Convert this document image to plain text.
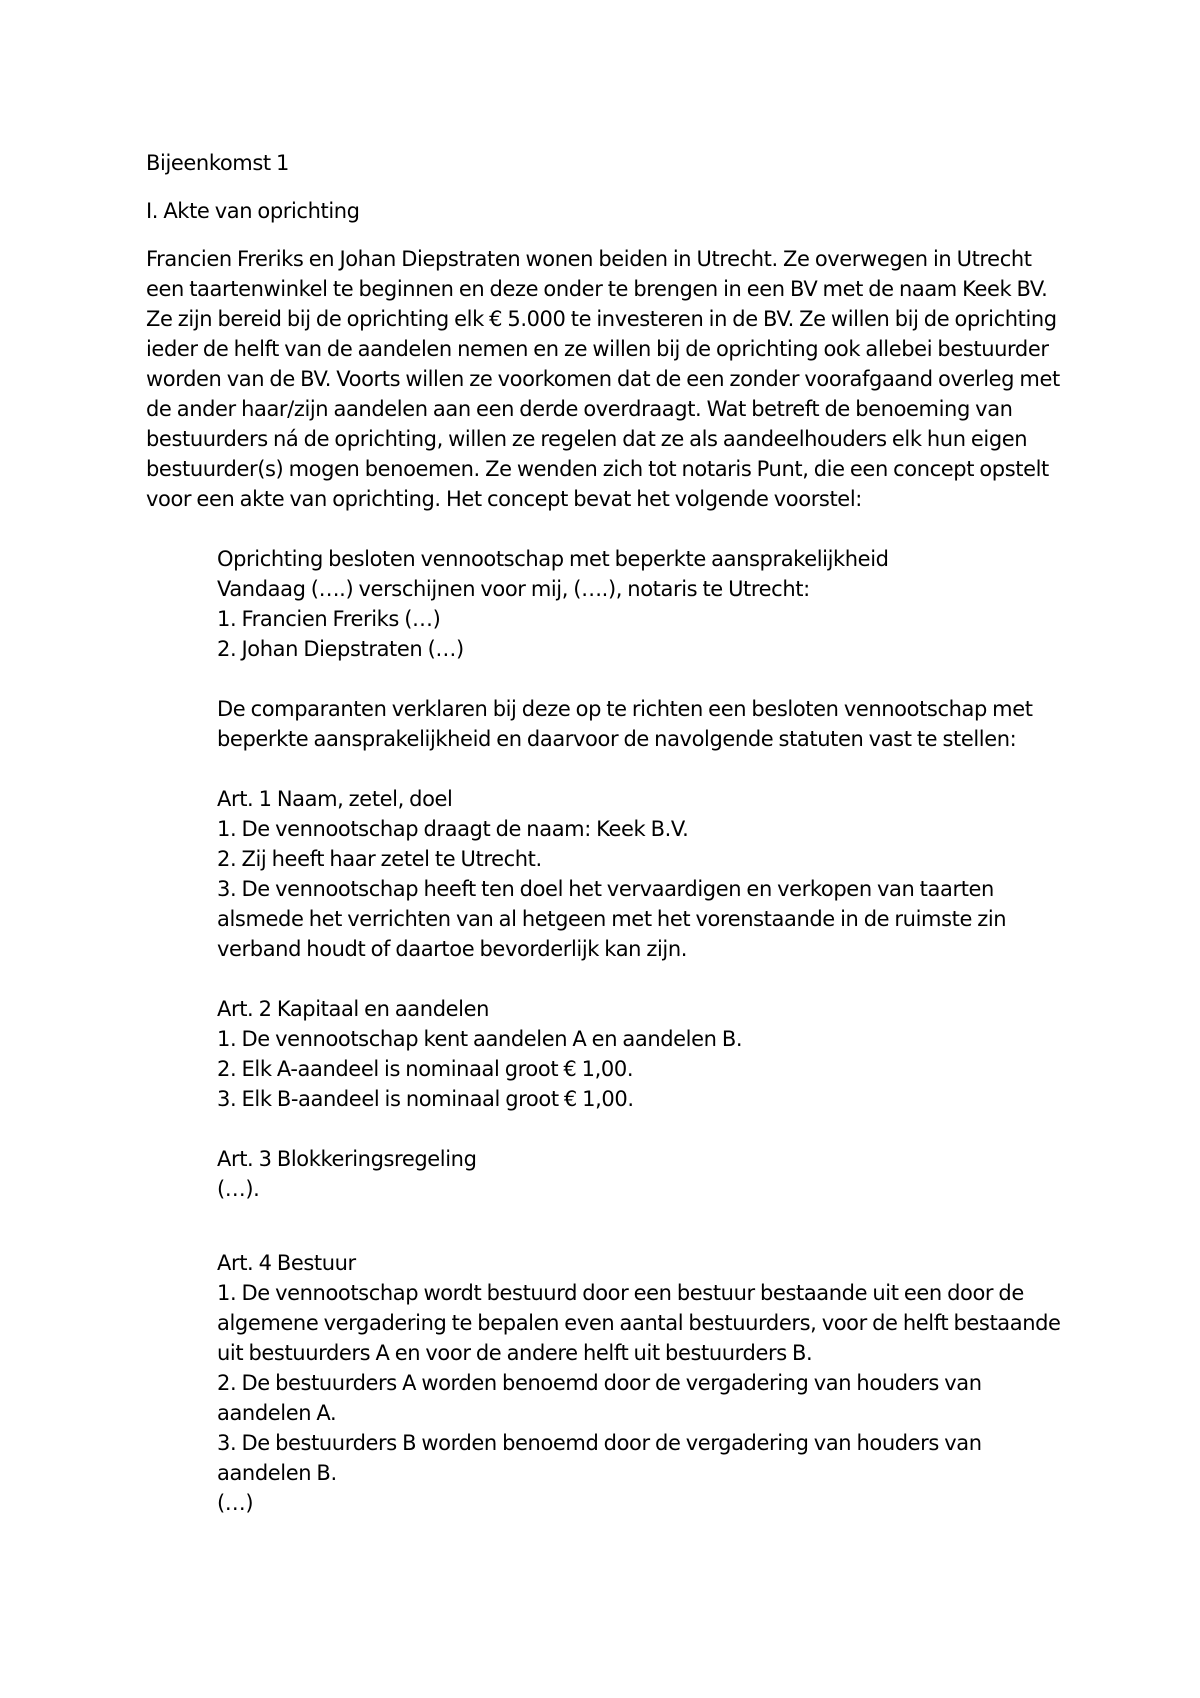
Bijeenkomst 1

I. Akte van oprichting

Francien Freriks en Johan Diepstraten wonen beiden in Utrecht. Ze overwegen in Utrecht

een taartenwinkel te beginnen en deze onder te brengen in een BV met de naam Keek BV.

Ze zijn bereid bij de oprichting elk € 5.000 te investeren in de BV. Ze willen bij de oprichting

ieder de helft van de aandelen nemen en ze willen bij de oprichting ook allebei bestuurder

worden van de BV. Voorts willen ze voorkomen dat de een zonder voorafgaand overleg met

de ander haar/zijn aandelen aan een derde overdraagt. Wat betreft de benoeming van

bestuurders ná de oprichting, willen ze regelen dat ze als aandeelhouders elk hun eigen

bestuurder(s) mogen benoemen. Ze wenden zich tot notaris Punt, die een concept opstelt

voor een akte van oprichting. Het concept bevat het volgende voorstel:

Oprichting besloten vennootschap met beperkte aansprakelijkheid

Vandaag (….) verschijnen voor mij, (….), notaris te Utrecht:

1. Francien Freriks (…)

2. Johan Diepstraten (…)

De comparanten verklaren bij deze op te richten een besloten vennootschap met

beperkte aansprakelijkheid en daarvoor de navolgende statuten vast te stellen:

Art. 1 Naam, zetel, doel

1. De vennootschap draagt de naam: Keek B.V.

2. Zij heeft haar zetel te Utrecht.

3. De vennootschap heeft ten doel het vervaardigen en verkopen van taarten

alsmede het verrichten van al hetgeen met het vorenstaande in de ruimste zin

verband houdt of daartoe bevorderlijk kan zijn.

Art. 2 Kapitaal en aandelen

1. De vennootschap kent aandelen A en aandelen B.

2. Elk A-aandeel is nominaal groot € 1,00.

3. Elk B-aandeel is nominaal groot € 1,00.

Art. 3 Blokkeringsregeling

(…).

Art. 4 Bestuur

1. De vennootschap wordt bestuurd door een bestuur bestaande uit een door de

algemene vergadering te bepalen even aantal bestuurders, voor de helft bestaande

uit bestuurders A en voor de andere helft uit bestuurders B.

2. De bestuurders A worden benoemd door de vergadering van houders van

aandelen A.

3. De bestuurders B worden benoemd door de vergadering van houders van

aandelen B.

(…)
